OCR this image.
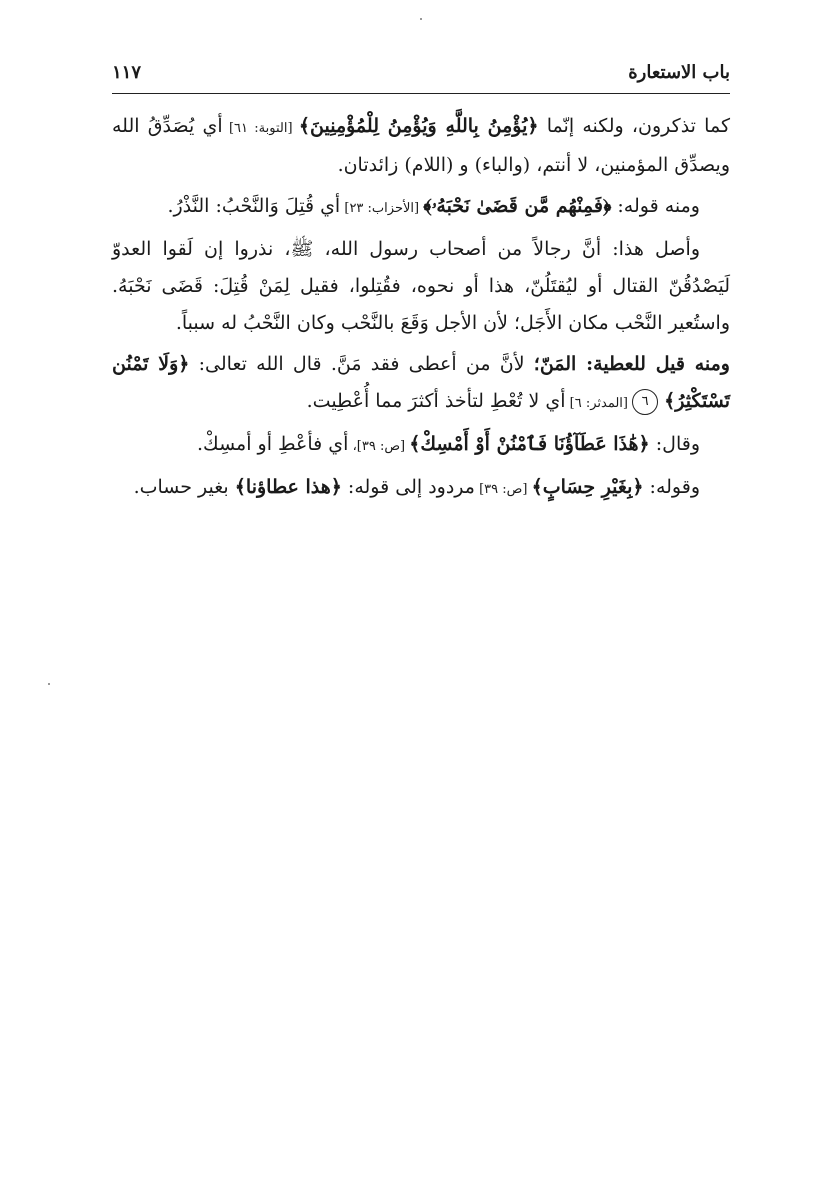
باب الاستعارة
١١٧

كما تذكرون، ولكنه إنّما ﴿يُؤْمِنُ بِاللَّهِ وَيُؤْمِنُ لِلْمُؤْمِنِينَ﴾ [التوبة: ٦١] أي يُصَدِّقُ الله ويصدِّق المؤمنين، لا أنتم، (والباء) و (اللام) زائدتان.

ومنه قوله: ﴿فَمِنْهُم مَّن قَضَىٰ نَحْبَهُۥ﴾ [الأحزاب: ٢٣] أي قُتِلَ وَالنَّحْبُ: النَّذْرُ.

وأصل هذا: أنَّ رجالاً من أصحاب رسول الله، ﷺ، نذروا إن لَقوا العدوّ لَيَصْدُقُنّ القتال أو ليُقتَلُنّ، هذا أو نحوه، فقُتِلوا، فقيل لِمَنْ قُتِلَ: قَضَى نَحْبَهُ. واستُعير النَّحْب مكان الأَجَل؛ لأن الأجل وَقَعَ بالنَّحْب وكان النَّحْبُ له سبباً.

ومنه قيل للعطية: المَنّ؛ لأنَّ من أعطى فقد مَنَّ. قال الله تعالى: ﴿وَلَا تَمْنُن تَسْتَكْثِرُ﴾ ٦ [المدثر: ٦] أي لا تُعْطِ لتأخذ أكثرَ مما أُعْطِيت.

وقال: ﴿هَٰذَا عَطَآؤُنَا فَٱمْنُنْ أَوْ أَمْسِكْ﴾ [ص: ٣٩]، أي فأعْطِ أو أمسِكْ.

وقوله: ﴿بِغَيْرِ حِسَابٍ﴾ [ص: ٣٩] مردود إلى قوله: ﴿هذا عطاؤنا﴾ بغير حساب.
